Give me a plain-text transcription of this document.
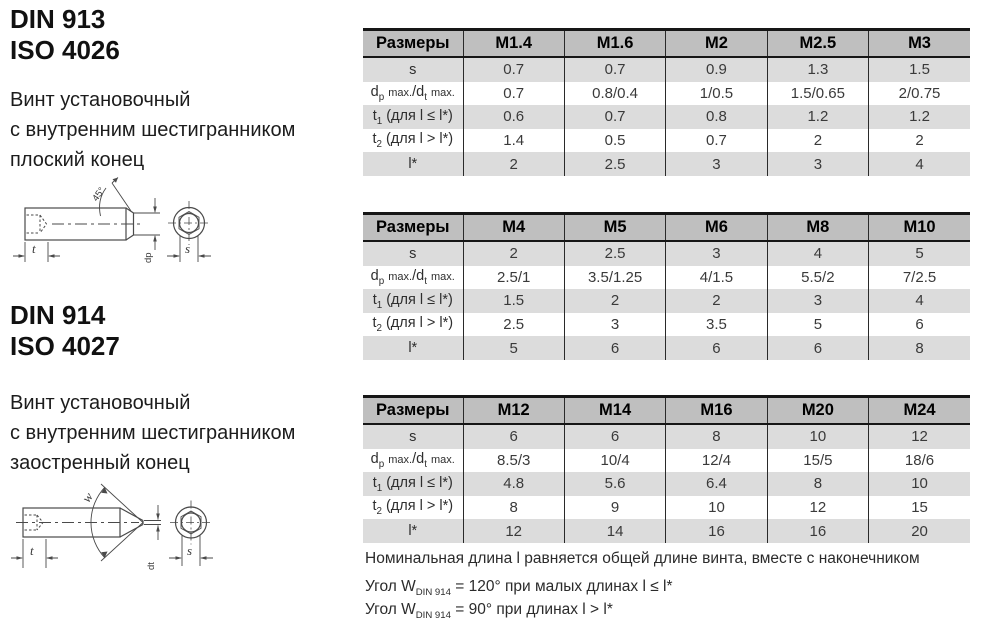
DIN 913
ISO 4026
Винт установочный
с внутренним шестигранником
плоский конец
45°
t
dp
s
DIN 914
ISO 4027
Винт установочный
с внутренним шестигранником
заостренный конец
w
t
dt
s
Размеры	M1.4	M1.6	M2	M2.5	M3
s	0.7	0.7	0.9	1.3	1.5
$d_p$ $\max./d_t$ max.	0.7	0.8/0.4	1/0.5	1.5/0.65	2/0.75
$t_1$ (для l ≤ l*)	0.6	0.7	0.8	1.2	1.2
$t_2$ (для l > l*)	1.4	0.5	0.7	2	2
l*	2	2.5	3	3	4
Размеры	M4	M5	M6	M8	M10
s	2	2.5	3	4	5
$d_p$ $\max./d_t$ max.	2.5/1	3.5/1.25	4/1.5	5.5/2	7/2.5
$t_1$ (для l ≤ l*)	1.5	2	2	3	4
$t_2$ (для l > l*)	2.5	3	3.5	5	6
l*	5	6	6	6	8
Размеры	M12	M14	M16	M20	M24
s	6	6	8	10	12
$d_p$ $\max./d_t$ max.	8.5/3	10/4	12/4	15/5	18/6
$t_1$ (для l ≤ l*)	4.8	5.6	6.4	8	10
$t_2$ (для l > l*)	8	9	10	12	15
l*	12	14	16	16	20
Номинальная длина l равняется общей длине винта, вместе с наконечником
Угол $W_{DIN 914} = 120^\circ$ при малых длинах l ≤ l*
Угол $W_{DIN 914} = 90^\circ$ при длинах l > l*
